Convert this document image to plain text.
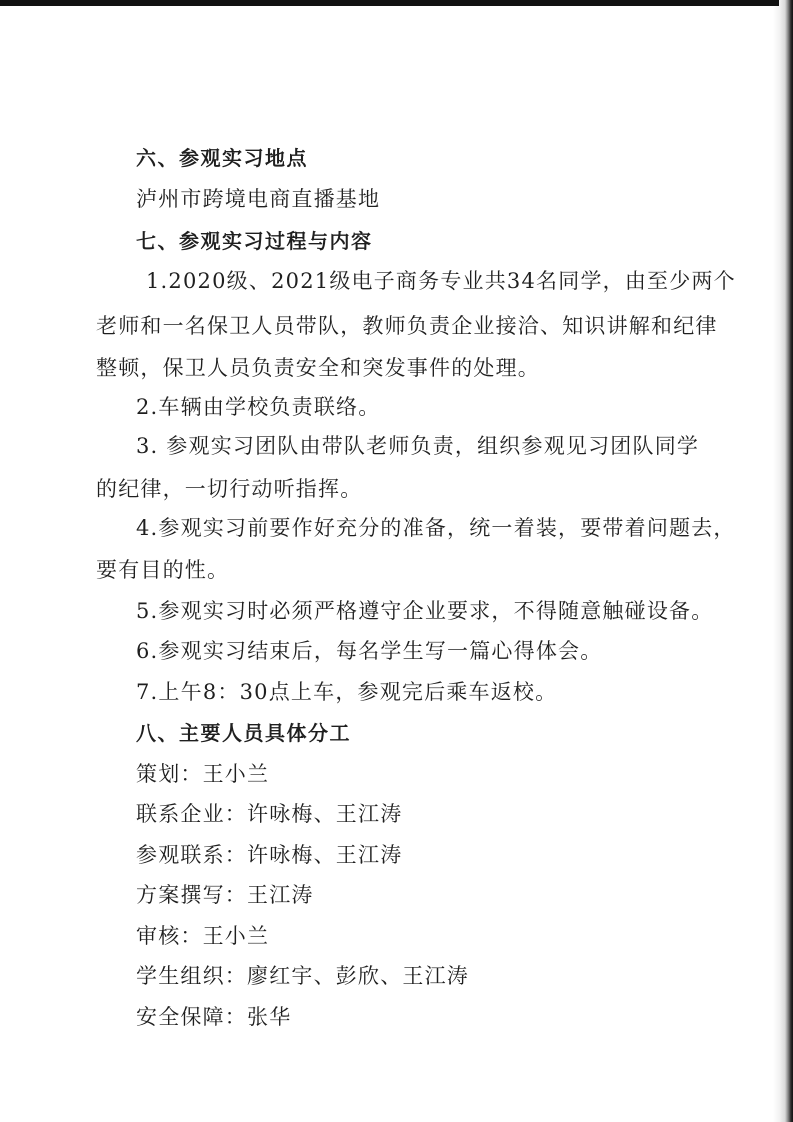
六、参观实习地点
泸州市跨境电商直播基地
七、参观实习过程与内容
1.2020级、2021级电子商务专业共34名同学，由至少两个
老师和一名保卫人员带队，教师负责企业接洽、知识讲解和纪律
整顿，保卫人员负责安全和突发事件的处理。
2.车辆由学校负责联络。
3. 参观实习团队由带队老师负责，组织参观见习团队同学
的纪律，一切行动听指挥。
4.参观实习前要作好充分的准备，统一着装，要带着问题去，
要有目的性。
5.参观实习时必须严格遵守企业要求，不得随意触碰设备。
6.参观实习结束后，每名学生写一篇心得体会。
7.上午8：30点上车，参观完后乘车返校。
八、主要人员具体分工
策划：王小兰
联系企业：许咏梅、王江涛
参观联系：许咏梅、王江涛
方案撰写：王江涛
审核：王小兰
学生组织：廖红宇、彭欣、王江涛
安全保障：张华
